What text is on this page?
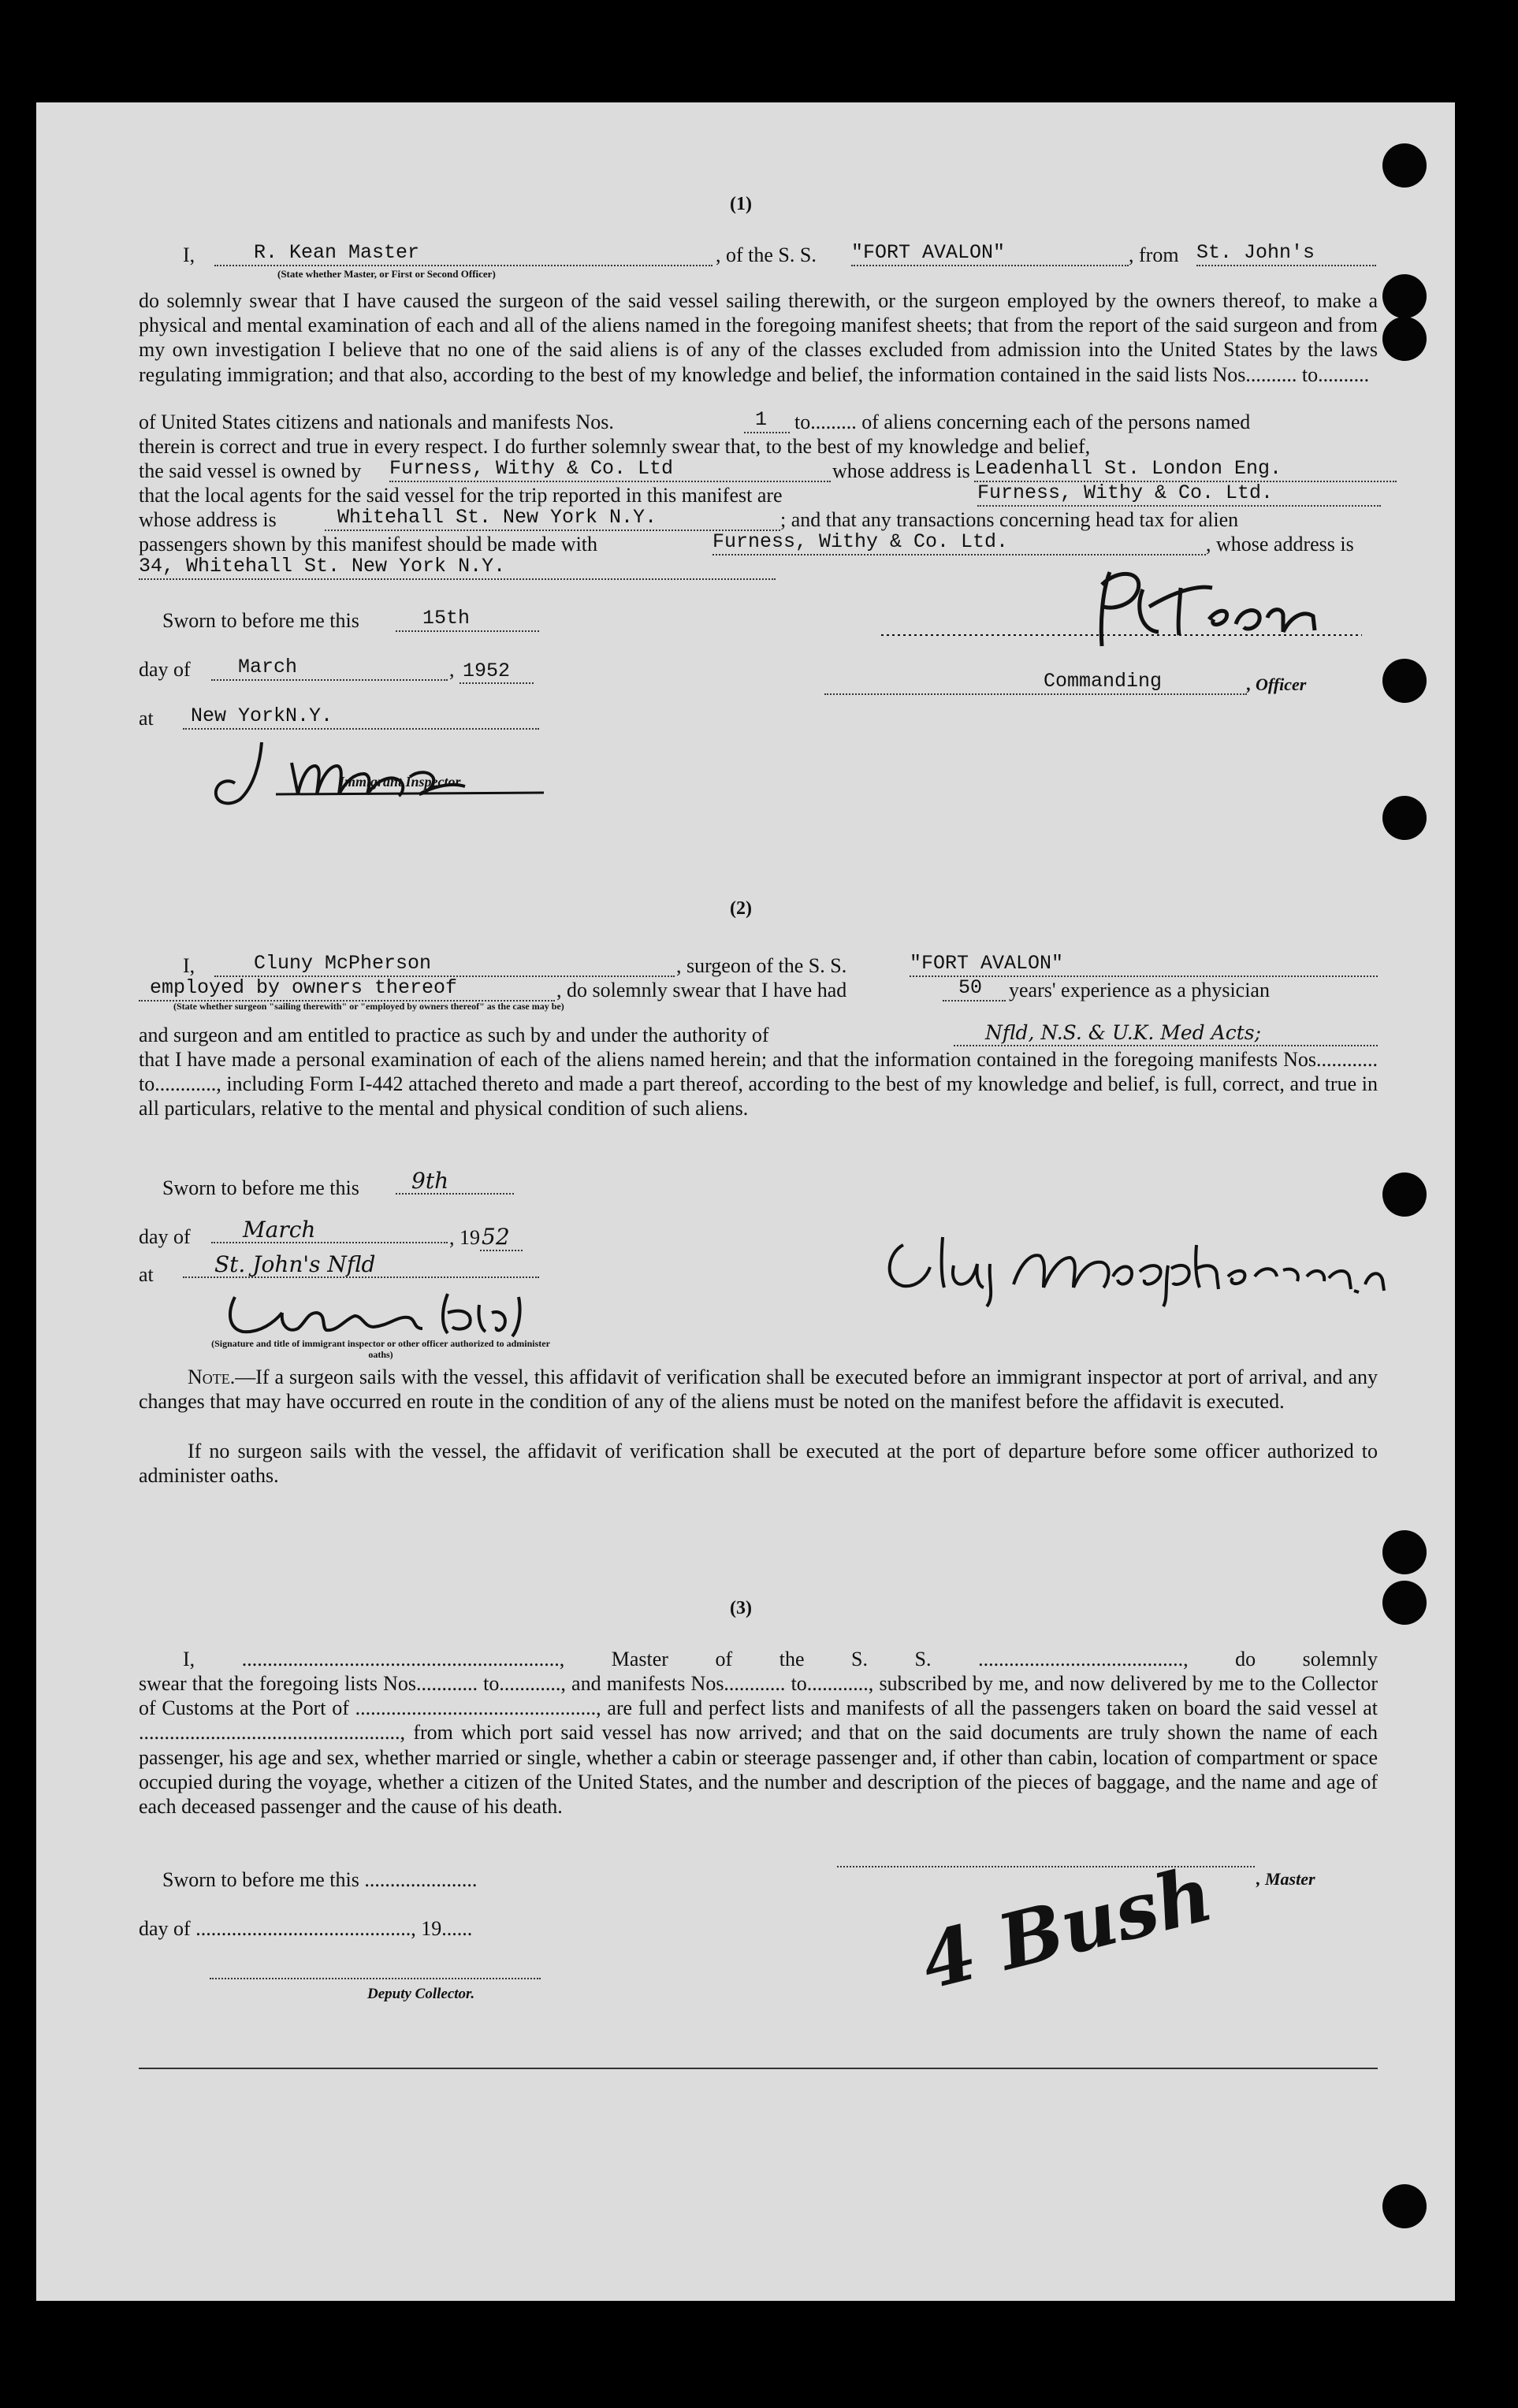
(1)
I,	R. Kean Master	, of the S. S. "FORT AVALON"	, from St. John's
(State whether Master, or First or Second Officer)
do solemnly swear that I have caused the surgeon of the said vessel sailing therewith, or the surgeon employed by the owners thereof, to make a physical and mental examination of each and all of the aliens named in the foregoing manifest sheets; that from the report of the said surgeon and from my own investigation I believe that no one of the said aliens is of any of the classes excluded from admission into the United States by the laws regulating immigration; and that also, according to the best of my knowledge and belief, the information contained in the said lists Nos.......... to..........
of United States citizens and nationals and manifests Nos.	1	to......... of aliens concerning each of the persons named
therein is correct and true in every respect. I do further solemnly swear that, to the best of my knowledge and belief,
the said vessel is owned by Furness, Withy & Co. Ltd	whose address is Leadenhall St. London Eng.
that the local agents for the said vessel for the trip reported in this manifest are	Furness, Withy & Co. Ltd.
whose address is	Whitehall St. New York N.Y.	; and that any transactions concerning head tax for alien
passengers shown by this manifest should be made with	Furness, Withy & Co. Ltd.	, whose address is
34, Whitehall St. New York N.Y.
Sworn to before me this	15th
day of	March	, 1952
at	New YorkN.Y.
Immigrant Inspector.
Commanding	, Officer
(2)
I,	Cluny McPherson	, surgeon of the S. S.	"FORT AVALON"
employed by owners thereof	, do solemnly swear that I have had	50	years' experience as a physician
(State whether surgeon "sailing therewith" or "employed by owners thereof" as the case may be)
and surgeon and am entitled to practice as such by and under the authority of	Nfld, N.S. & U.K. Med Acts;
that I have made a personal examination of each of the aliens named herein; and that the information contained in the foregoing manifests Nos............ to............, including Form I-442 attached thereto and made a part thereof, according to the best of my knowledge and belief, is full, correct, and true in all particulars, relative to the mental and physical condition of such aliens.
Sworn to before me this	9th
day of	March	, 1952
at	St. John's Nfld
(Signature and title of immigrant inspector or other officer authorized to administer oaths)
Note.—If a surgeon sails with the vessel, this affidavit of verification shall be executed before an immigrant inspector at port of arrival, and any changes that may have occurred en route in the condition of any of the aliens must be noted on the manifest before the affidavit is executed.
If no surgeon sails with the vessel, the affidavit of verification shall be executed at the port of departure before some officer authorized to administer oaths.
(3)
I, .............................................................., Master of the S. S. ........................................, do solemnly
swear that the foregoing lists Nos............ to............, and manifests Nos............ to............, subscribed by me, and now delivered by me to the Collector of Customs at the Port of ..............................................., are full and perfect lists and manifests of all the passengers taken on board the said vessel at ..................................................., from which port said vessel has now arrived; and that on the said documents are truly shown the name of each passenger, his age and sex, whether married or single, whether a cabin or steerage passenger and, if other than cabin, location of compartment or space occupied during the voyage, whether a citizen of the United States, and the number and description of the pieces of baggage, and the name and age of each deceased passenger and the cause of his death.
Sworn to before me this ......................	, Master
day of .........................................., 19......
Deputy Collector.	4 Bush
